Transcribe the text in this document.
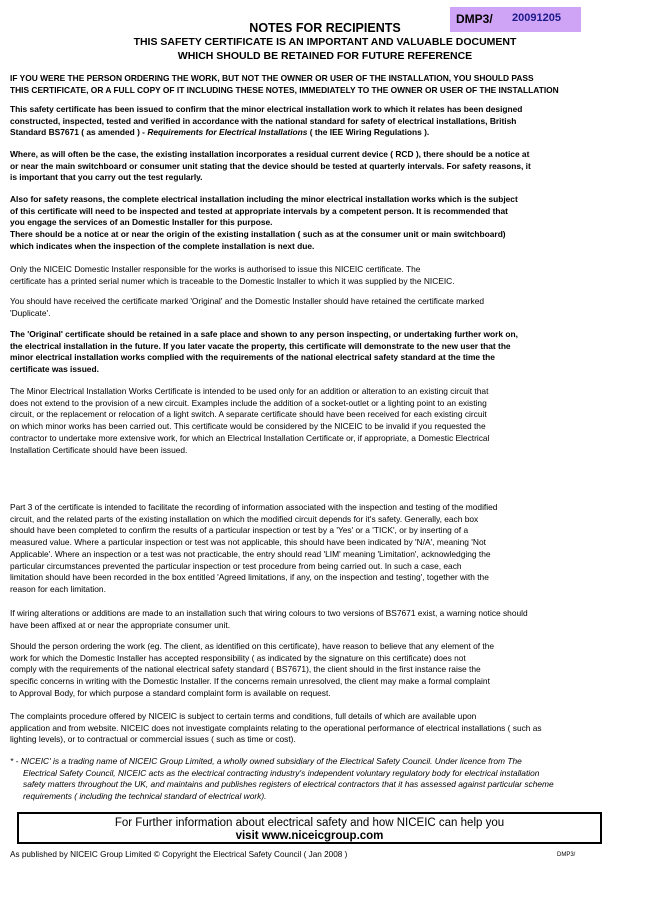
DMP3/ 20091205
NOTES FOR RECIPIENTS
THIS SAFETY CERTIFICATE IS AN IMPORTANT AND VALUABLE DOCUMENT
WHICH SHOULD BE RETAINED FOR FUTURE REFERENCE
IF YOU WERE THE PERSON ORDERING THE WORK, BUT NOT THE OWNER OR USER OF THE INSTALLATION, YOU SHOULD PASS
THIS CERTIFICATE, OR A FULL COPY OF IT INCLUDING THESE NOTES, IMMEDIATELY TO THE OWNER OR USER OF THE INSTALLATION
This safety certificate has been issued to confirm that the minor electrical installation work to which it relates has been designed
constructed, inspected, tested and verified in accordance with the national standard for safety of electrical installations, British
Standard BS7671 ( as amended ) - Requirements for Electrical Installations ( the IEE Wiring Regulations ).
Where, as will often be the case, the existing installation incorporates a residual current device ( RCD ), there should be a notice at
or near the main switchboard or consumer unit stating that the device should be tested at quarterly intervals. For safety reasons, it
is important that you carry out the test regularly.
Also for safety reasons, the complete electrical installation including the minor electrical installation works which is the subject
of this certificate will need to be inspected and tested at appropriate intervals by a competent person. It is recommended that
you engage the services of an Domestic Installer for this purpose.
There should be a notice at or near the origin of the existing installation ( such as at the consumer unit or main switchboard)
which indicates when the inspection of the complete installation is next due.
Only the NICEIC Domestic Installer responsible for the works is authorised to issue this NICEIC certificate. The
certificate has a printed serial numer which is traceable to the Domestic Installer to which it was supplied by the NICEIC.
You should have received the certificate marked 'Original' and the Domestic Installer should have retained the certificate marked
'Duplicate'.
The 'Original' certificate should be retained in a safe place and shown to any person inspecting, or undertaking further work on,
the electrical installation in the future. If you later vacate the property, this certificate will demonstrate to the new user that the
minor electrical installation works complied with the requirements of the national electrical safety standard at the time the
certificate was issued.
The Minor Electrical Installation Works Certificate is intended to be used only for an addition or alteration to an existing circuit that
does not extend to the provision of a new circuit. Examples include the addition of a socket-outlet or a lighting point to an existing
circuit, or the replacement or relocation of a light switch. A separate certificate should have been received for each existing circuit
on which minor works has been carried out. This certificate would be considered by the NICEIC to be invalid if you requested the
contractor to undertake more extensive work, for which an Electrical Installation Certificate or, if appropriate, a Domestic Electrical
Installation Certificate should have been issued.
Part 3 of the certificate is intended to facilitate the recording of information associated with the inspection and testing of the modified
circuit, and the related parts of the existing installation on which the modified circuit depends for it's safety. Generally, each box
should have been completed to confirm the results of a particular inspection or test by a 'Yes' or a 'TICK', or by inserting of a
measured value. Where a particular inspection or test was not applicable, this should have been indicated by 'N/A', meaning 'Not
Applicable'. Where an inspection or a test was not practicable, the entry should read 'LIM' meaning 'Limitation', acknowledging the
particular circumstances prevented the particular inspection or test procedure from being carried out. In such a case, each
limitation should have been recorded in the box entitled 'Agreed limitations, if any, on the inspection and testing', together with the
reason for each limitation.
If wiring alterations or additions are made to an installation such that wiring colours to two versions of BS7671 exist, a warning notice should
have been affixed at or near the appropriate consumer unit.
Should the person ordering the work (eg. The client, as identified on this certificate), have reason to believe that any element of the
work for which the Domestic Installer has accepted responsibility ( as indicated by the signature on this certificate) does not
comply with the requirements of the national electrical safety standard ( BS7671), the client should in the first instance raise the
specific concerns in writing with the Domestic Installer. If the concerns remain unresolved, the client may make a formal complaint
to Approval Body, for which purpose a standard complaint form is available on request.
The complaints procedure offered by NICEIC is subject to certain terms and conditions, full details of which are available upon
application and from website. NICEIC does not investigate complaints relating to the operational performance of electrical installations ( such as
lighting levels), or to contractual or commercial issues ( such as time or cost).
* - NICEIC' is a trading name of NICEIC Group Limited, a wholly owned subsidiary of the Electrical Safety Council. Under licence from The
Electrical Safety Council, NICEIC acts as the electrical contracting industry's independent voluntary regulatory body for electrical installation
safety matters throughout the UK, and maintains and publishes registers of electrical contractors that it has assessed against particular scheme
requirements ( including the technical standard of electrical work).
For Further information about electrical safety and how NICEIC can help you
visit www.niceicgroup.com
As published by NICEIC Group Limited © Copyright the Electrical Safety Council ( Jan 2008 )	DMP3/
